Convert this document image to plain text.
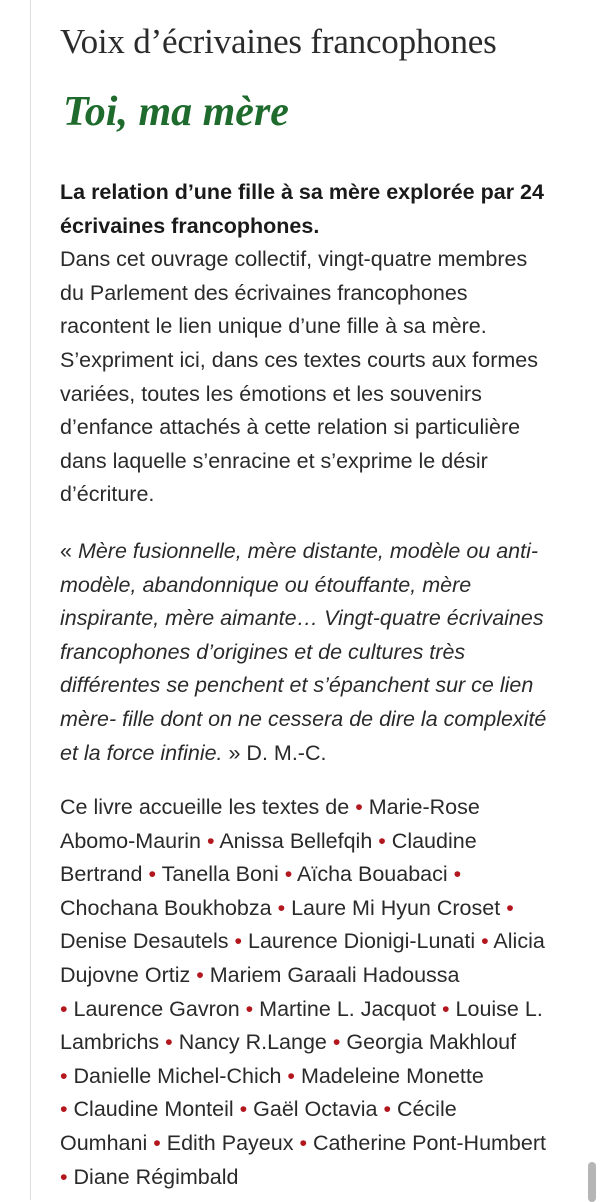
Voix d’écrivaines francophones
Toi, ma mère

La relation d’une fille à sa mère explorée par 24
écrivaines francophones.
Dans cet ouvrage collectif, vingt-quatre membres
du Parlement des écrivaines francophones
racontent le lien unique d’une fille à sa mère.
S’expriment ici, dans ces textes courts aux formes
variées, toutes les émotions et les souvenirs
d’enfance attachés à cette relation si particulière
dans laquelle s’enracine et s’exprime le désir
d’écriture.

« Mère fusionnelle, mère distante, modèle ou anti-
modèle, abandonnique ou étouffante, mère
inspirante, mère aimante… Vingt-quatre écrivaines
francophones d’origines et de cultures très
différentes se penchent et s’épanchent sur ce lien
mère- fille dont on ne cessera de dire la complexité
et la force infinie. » D. M.-C.

Ce livre accueille les textes de • Marie-Rose
Abomo-Maurin • Anissa Bellefqih • Claudine
Bertrand • Tanella Boni • Aïcha Bouabaci •
Chochana Boukhobza • Laure Mi Hyun Croset •
Denise Desautels • Laurence Dionigi-Lunati • Alicia
Dujovne Ortiz • Mariem Garaali Hadoussa
• Laurence Gavron • Martine L. Jacquot • Louise L.
Lambrichs • Nancy R.Lange • Georgia Makhlouf
• Danielle Michel-Chich • Madeleine Monette
• Claudine Monteil • Gaël Octavia • Cécile
Oumhani • Edith Payeux • Catherine Pont-Humbert
• Diane Régimbald
